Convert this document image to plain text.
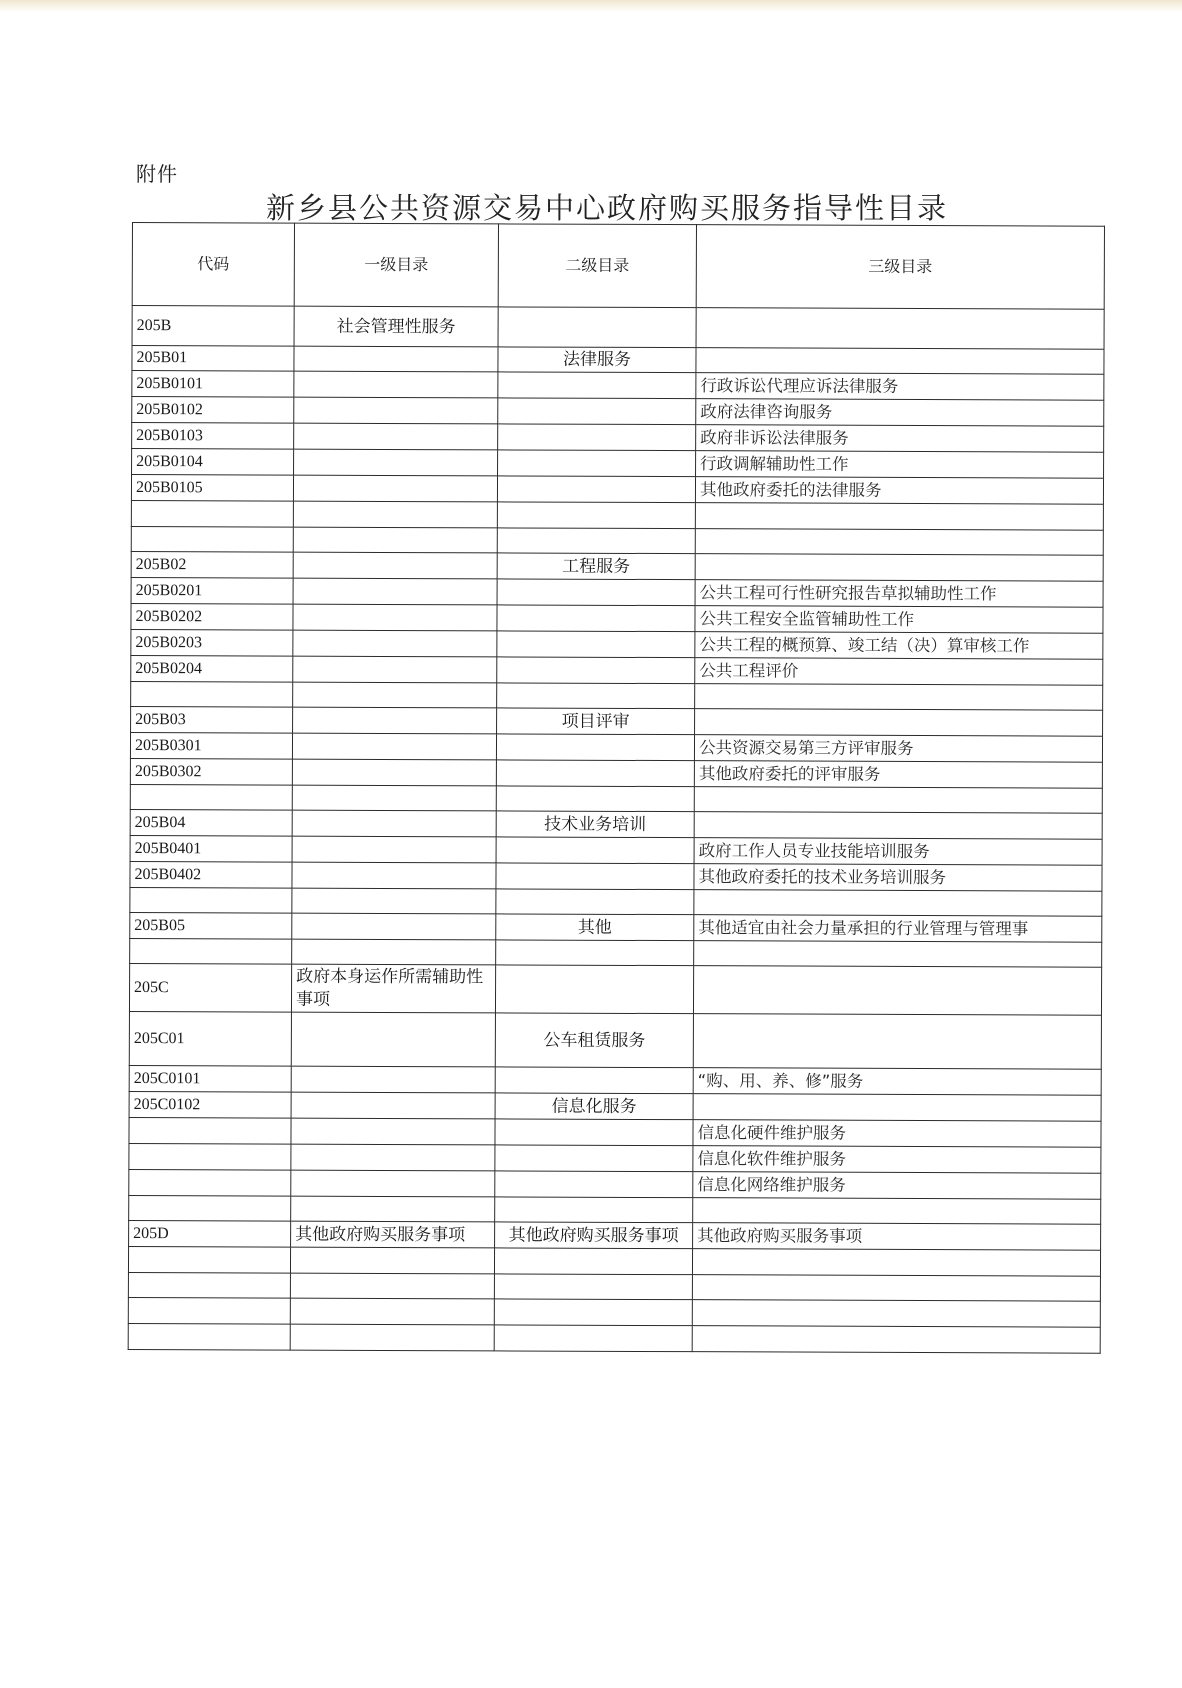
附件
新乡县公共资源交易中心政府购买服务指导性目录
代码	一级目录	二级目录	三级目录
205B	社会管理性服务		
205B01		法律服务	
205B0101			行政诉讼代理应诉法律服务
205B0102			政府法律咨询服务
205B0103			政府非诉讼法律服务
205B0104			行政调解辅助性工作
205B0105			其他政府委托的法律服务

205B02		工程服务	
205B0201			公共工程可行性研究报告草拟辅助性工作
205B0202			公共工程安全监管辅助性工作
205B0203			公共工程的概预算、竣工结（决）算审核工作
205B0204			公共工程评价

205B03		项目评审	
205B0301			公共资源交易第三方评审服务
205B0302			其他政府委托的评审服务

205B04		技术业务培训	
205B0401			政府工作人员专业技能培训服务
205B0402			其他政府委托的技术业务培训服务

205B05		其他	其他适宜由社会力量承担的行业管理与管理事

205C	政府本身运作所需辅助性事项		
205C01		公车租赁服务	
205C0101			“购、用、养、修”服务
205C0102		信息化服务	
			信息化硬件维护服务
			信息化软件维护服务
			信息化网络维护服务

205D	其他政府购买服务事项	其他政府购买服务事项	其他政府购买服务事项
